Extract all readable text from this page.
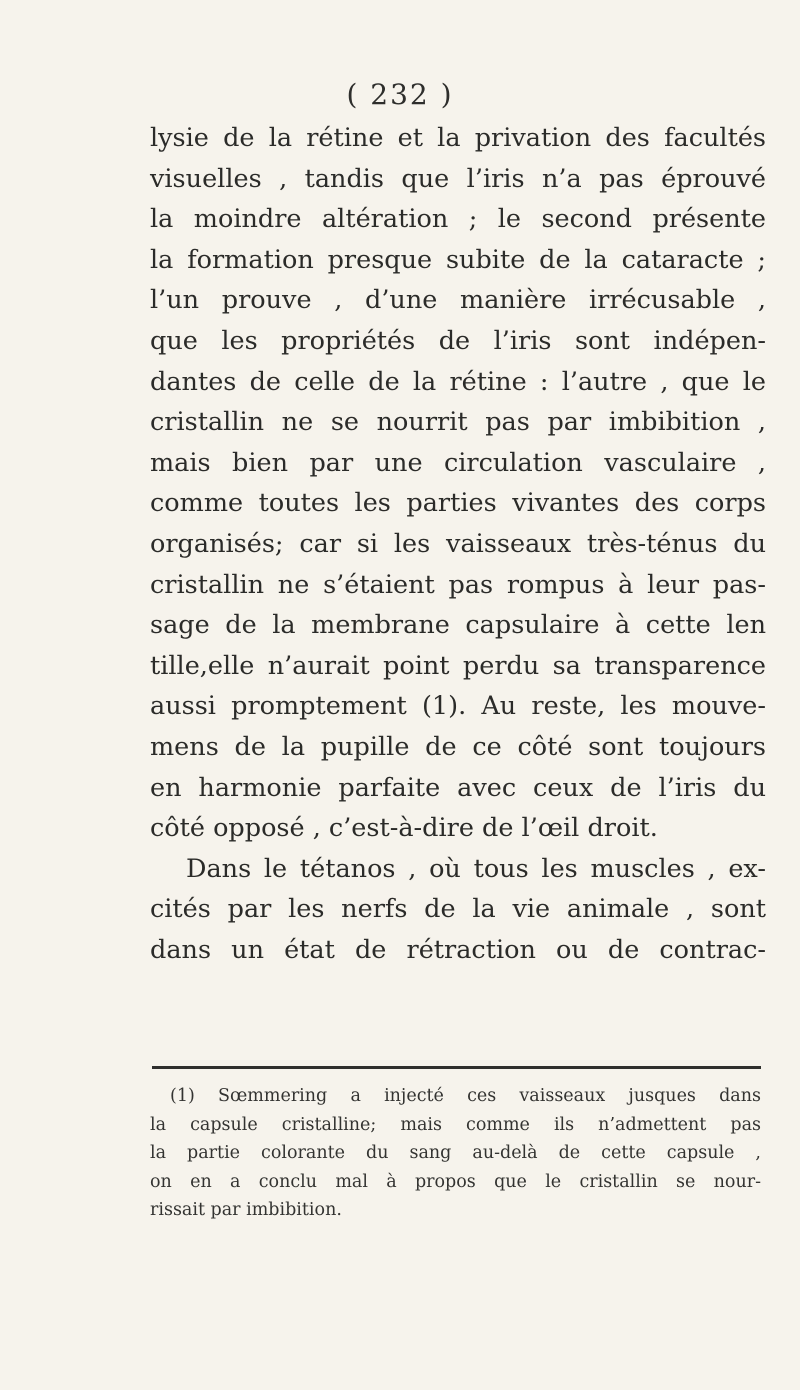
( 232 )
lysie de la rétine et la privation des facultés
visuelles , tandis que l’iris n’a pas éprouvé
la moindre altération ; le second présente
la formation presque subite de la cataracte ;
l’un prouve , d’une manière irrécusable ,
que les propriétés de l’iris sont indépen-
dantes de celle de la rétine : l’autre , que le
cristallin ne se nourrit pas par imbibition ,
mais bien par une circulation vasculaire ,
comme toutes les parties vivantes des corps
organisés; car si les vaisseaux très-ténus du
cristallin ne s’étaient pas rompus à leur pas-
sage de la membrane capsulaire à cette len
tille,elle n’aurait point perdu sa transparence
aussi promptement (1). Au reste, les mouve-
mens de la pupille de ce côté sont toujours
en harmonie parfaite avec ceux de l’iris du
côté opposé , c’est-à-dire de l’œil droit.
Dans le tétanos , où tous les muscles , ex-
cités par les nerfs de la vie animale , sont
dans un état de rétraction ou de contrac-
(1) Sœmmering a injecté ces vaisseaux jusques dans
la capsule cristalline; mais comme ils n’admettent pas
la partie colorante du sang au-delà de cette capsule ,
on en a conclu mal à propos que le cristallin se nour-
rissait par imbibition.
